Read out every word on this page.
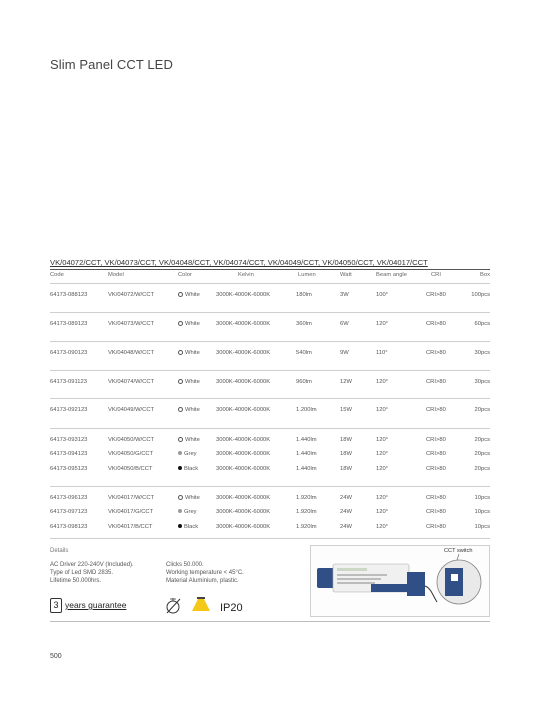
Slim Panel CCT LED
VK/04072/CCT, VK/04073/CCT, VK/04048/CCT, VK/04074/CCT, VK/04049/CCT, VK/04050/CCT, VK/04017/CCT
Code	Model	Color	Kelvin	Lumen	Watt	Beam angle	CRI	Box
64173-088123	VK/04072/W/CCT	White	3000K-4000K-6000K	180lm	3W	100°	CRI>80	100pcs
64173-089123	VK/04073/W/CCT	White	3000K-4000K-6000K	360lm	6W	120°	CRI>80	60pcs
64173-090123	VK/04048/W/CCT	White	3000K-4000K-6000K	540lm	9W	110°	CRI>80	30pcs
64173-091123	VK/04074/W/CCT	White	3000K-4000K-6000K	960lm	12W	120°	CRI>80	30pcs
64173-092123	VK/04049/W/CCT	White	3000K-4000K-6000K	1.200lm	15W	120°	CRI>80	20pcs
64173-093123	VK/04050/W/CCT	White	3000K-4000K-6000K	1.440lm	18W	120°	CRI>80	20pcs
64173-094123	VK/04050/G/CCT	Grey	3000K-4000K-6000K	1.440lm	18W	120°	CRI>80	20pcs
64173-095123	VK/04050/B/CCT	Black	3000K-4000K-6000K	1.440lm	18W	120°	CRI>80	20pcs
64173-096123	VK/04017/W/CCT	White	3000K-4000K-6000K	1.920lm	24W	120°	CRI>80	10pcs
64173-097123	VK/04017/G/CCT	Grey	3000K-4000K-6000K	1.920lm	24W	120°	CRI>80	10pcs
64173-098123	VK/04017/B/CCT	Black	3000K-4000K-6000K	1.920lm	24W	120°	CRI>80	10pcs
Details
AC Driver 220-240V (Included).
Type of Led SMD 2835.
Lifetime 50.000hrs.
Clicks 50.000.
Working temperature < 45°C.
Material Aluminium, plastic.
3 years guarantee	IP20
CCT switch
500
